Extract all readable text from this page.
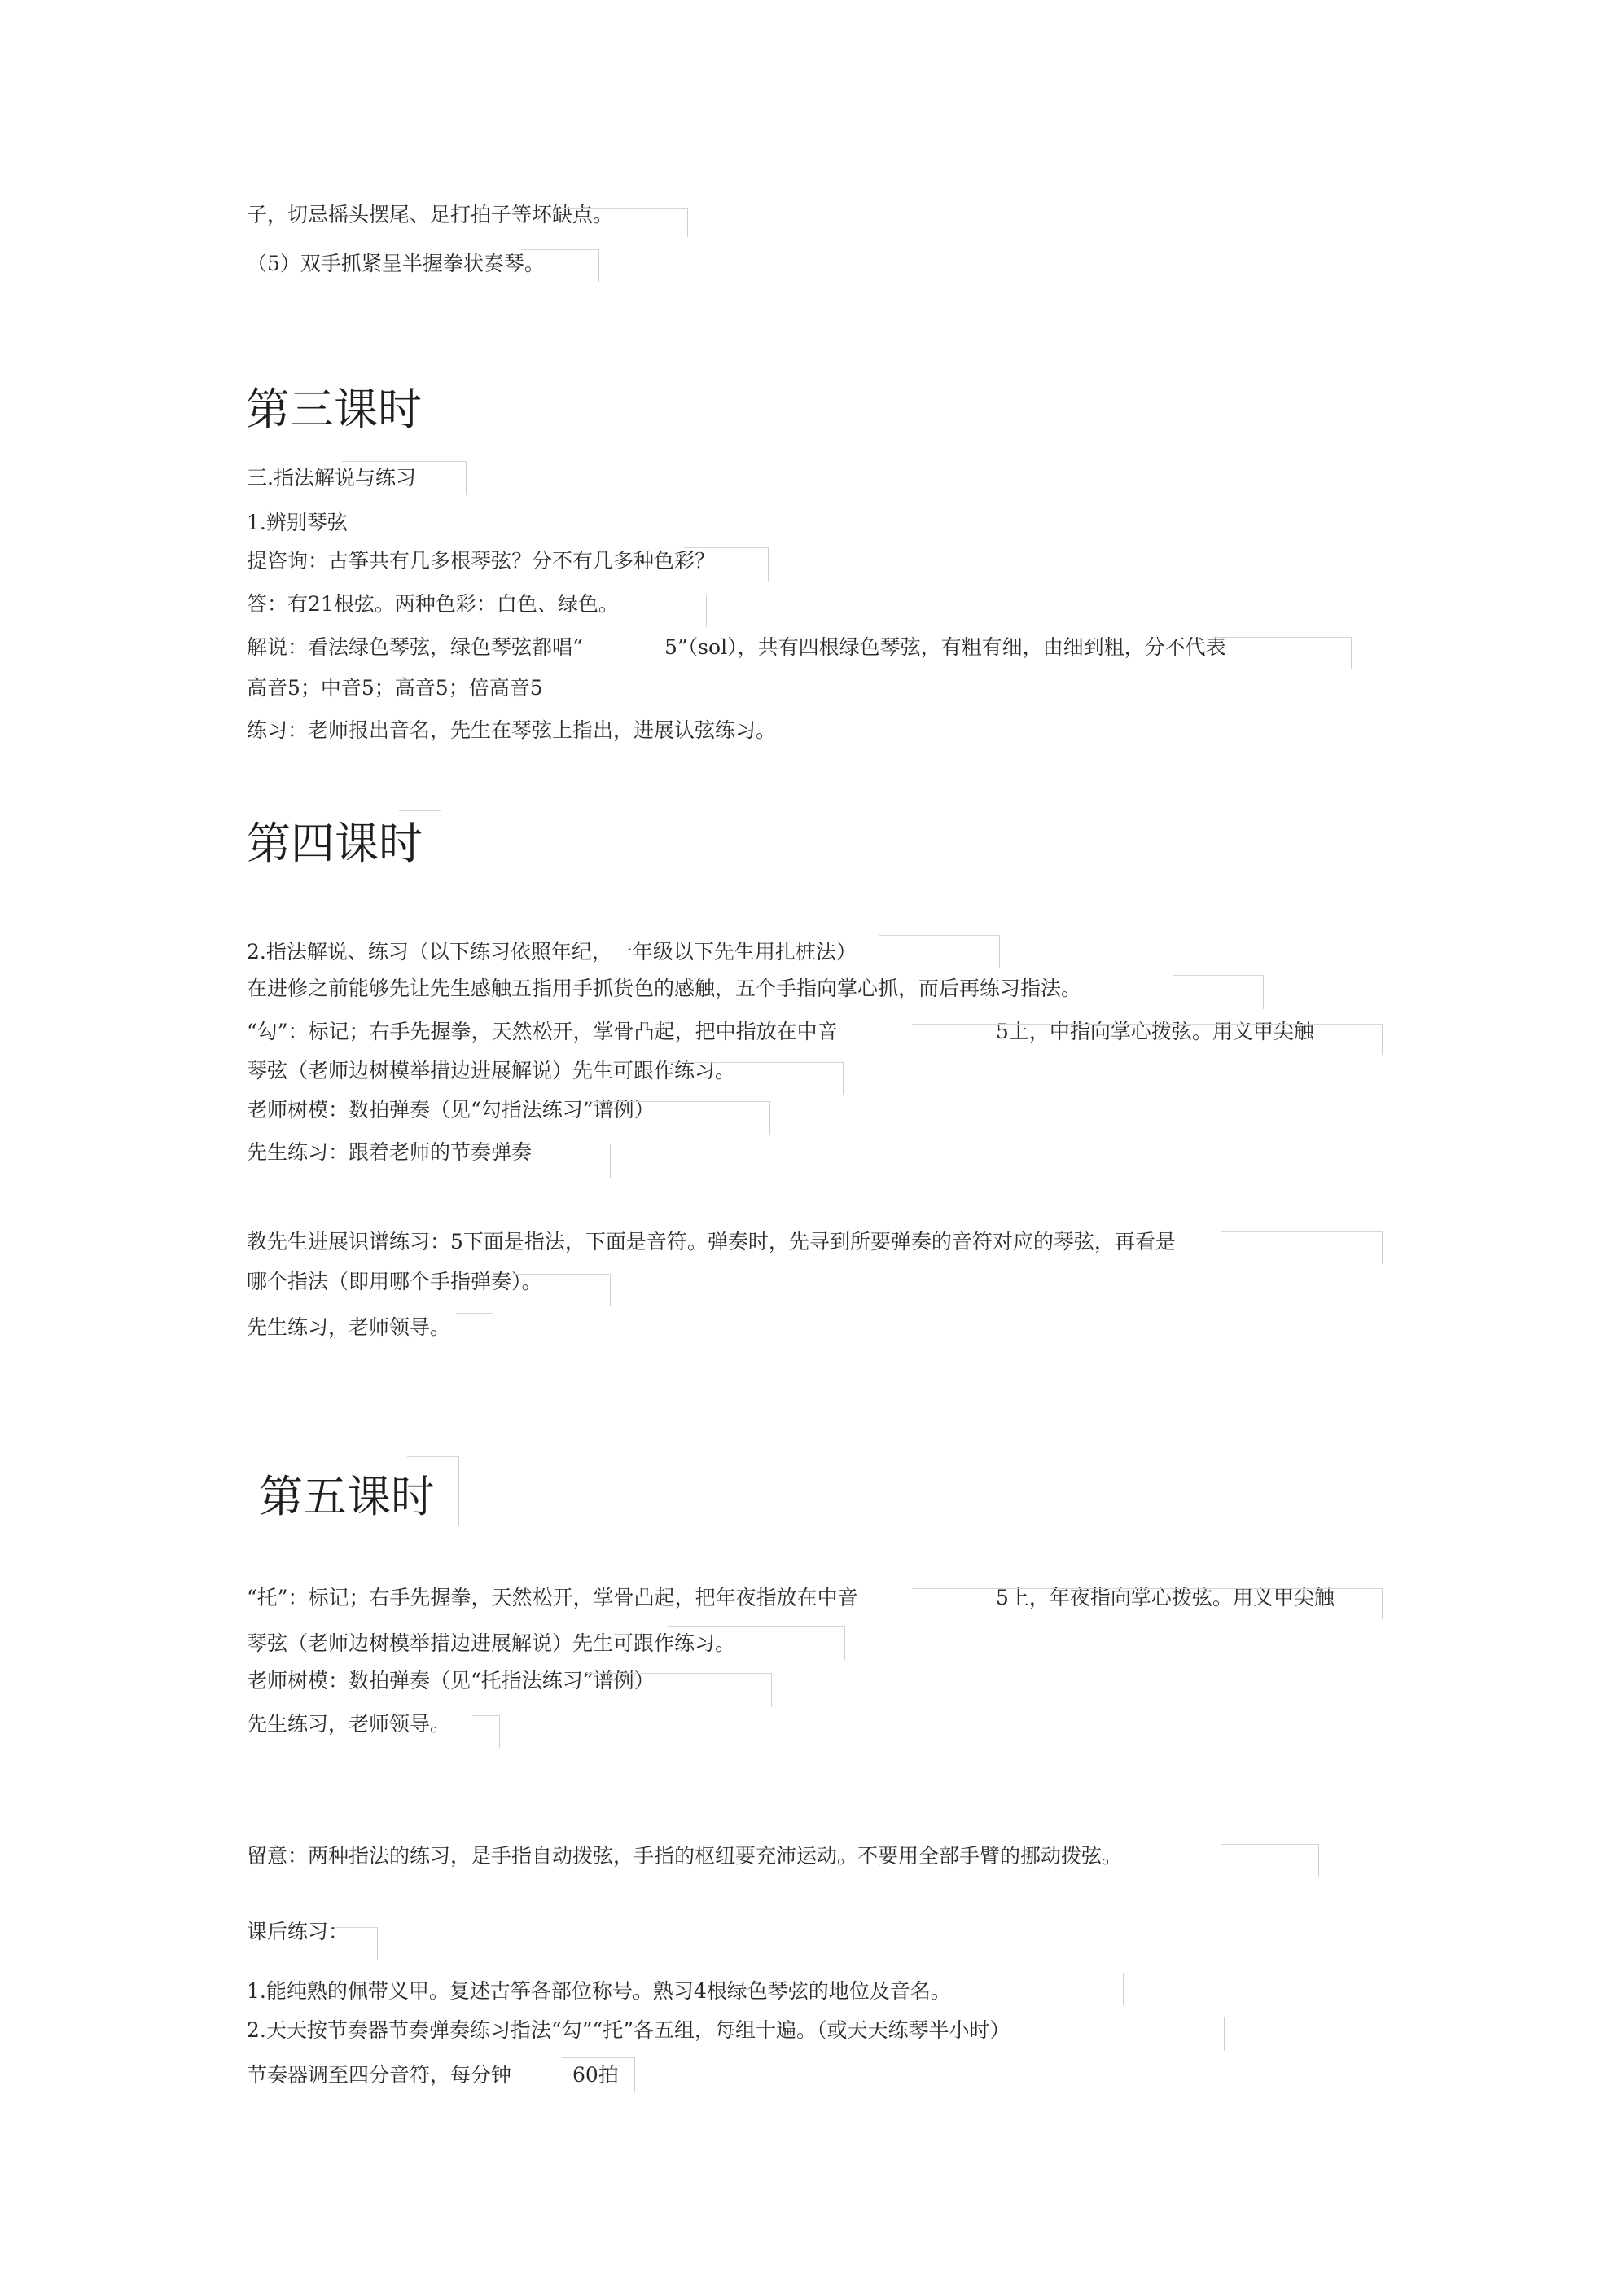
子，切忌摇头摆尾、足打拍子等坏缺点。
（5）双手抓紧呈半握拳状奏琴。
第三课时
三.指法解说与练习
1.辨别琴弦
提咨询：古筝共有几多根琴弦？分不有几多种色彩？
答：有21根弦。两种色彩：白色、绿色。
解说：看法绿色琴弦，绿色琴弦都唱“	5”（sol），共有四根绿色琴弦，有粗有细，由细到粗，分不代表
高音5；中音5；高音5；倍高音5
练习：老师报出音名，先生在琴弦上指出，进展认弦练习。
第四课时
2.指法解说、练习（以下练习依照年纪，一年级以下先生用扎桩法）
在进修之前能够先让先生感触五指用手抓货色的感触，五个手指向掌心抓，而后再练习指法。
“勾”：标记；右手先握拳，天然松开，掌骨凸起，把中指放在中音	5上，中指向掌心拨弦。用义甲尖触
琴弦（老师边树模举措边进展解说）先生可跟作练习。
老师树模：数拍弹奏（见“勾指法练习”谱例）
先生练习：跟着老师的节奏弹奏
教先生进展识谱练习：5下面是指法，下面是音符。弹奏时，先寻到所要弹奏的音符对应的琴弦，再看是
哪个指法（即用哪个手指弹奏）。
先生练习，老师领导。
第五课时
“托”：标记；右手先握拳，天然松开，掌骨凸起，把年夜指放在中音	5上，年夜指向掌心拨弦。用义甲尖触
琴弦（老师边树模举措边进展解说）先生可跟作练习。
老师树模：数拍弹奏（见“托指法练习”谱例）
先生练习，老师领导。
留意：两种指法的练习，是手指自动拨弦，手指的枢纽要充沛运动。不要用全部手臂的挪动拨弦。
课后练习：
1.能纯熟的佩带义甲。复述古筝各部位称号。熟习4根绿色琴弦的地位及音名。
2.天天按节奏器节奏弹奏练习指法“勾”“托”各五组，每组十遍。（或天天练琴半小时）
节奏器调至四分音符，每分钟	60拍
